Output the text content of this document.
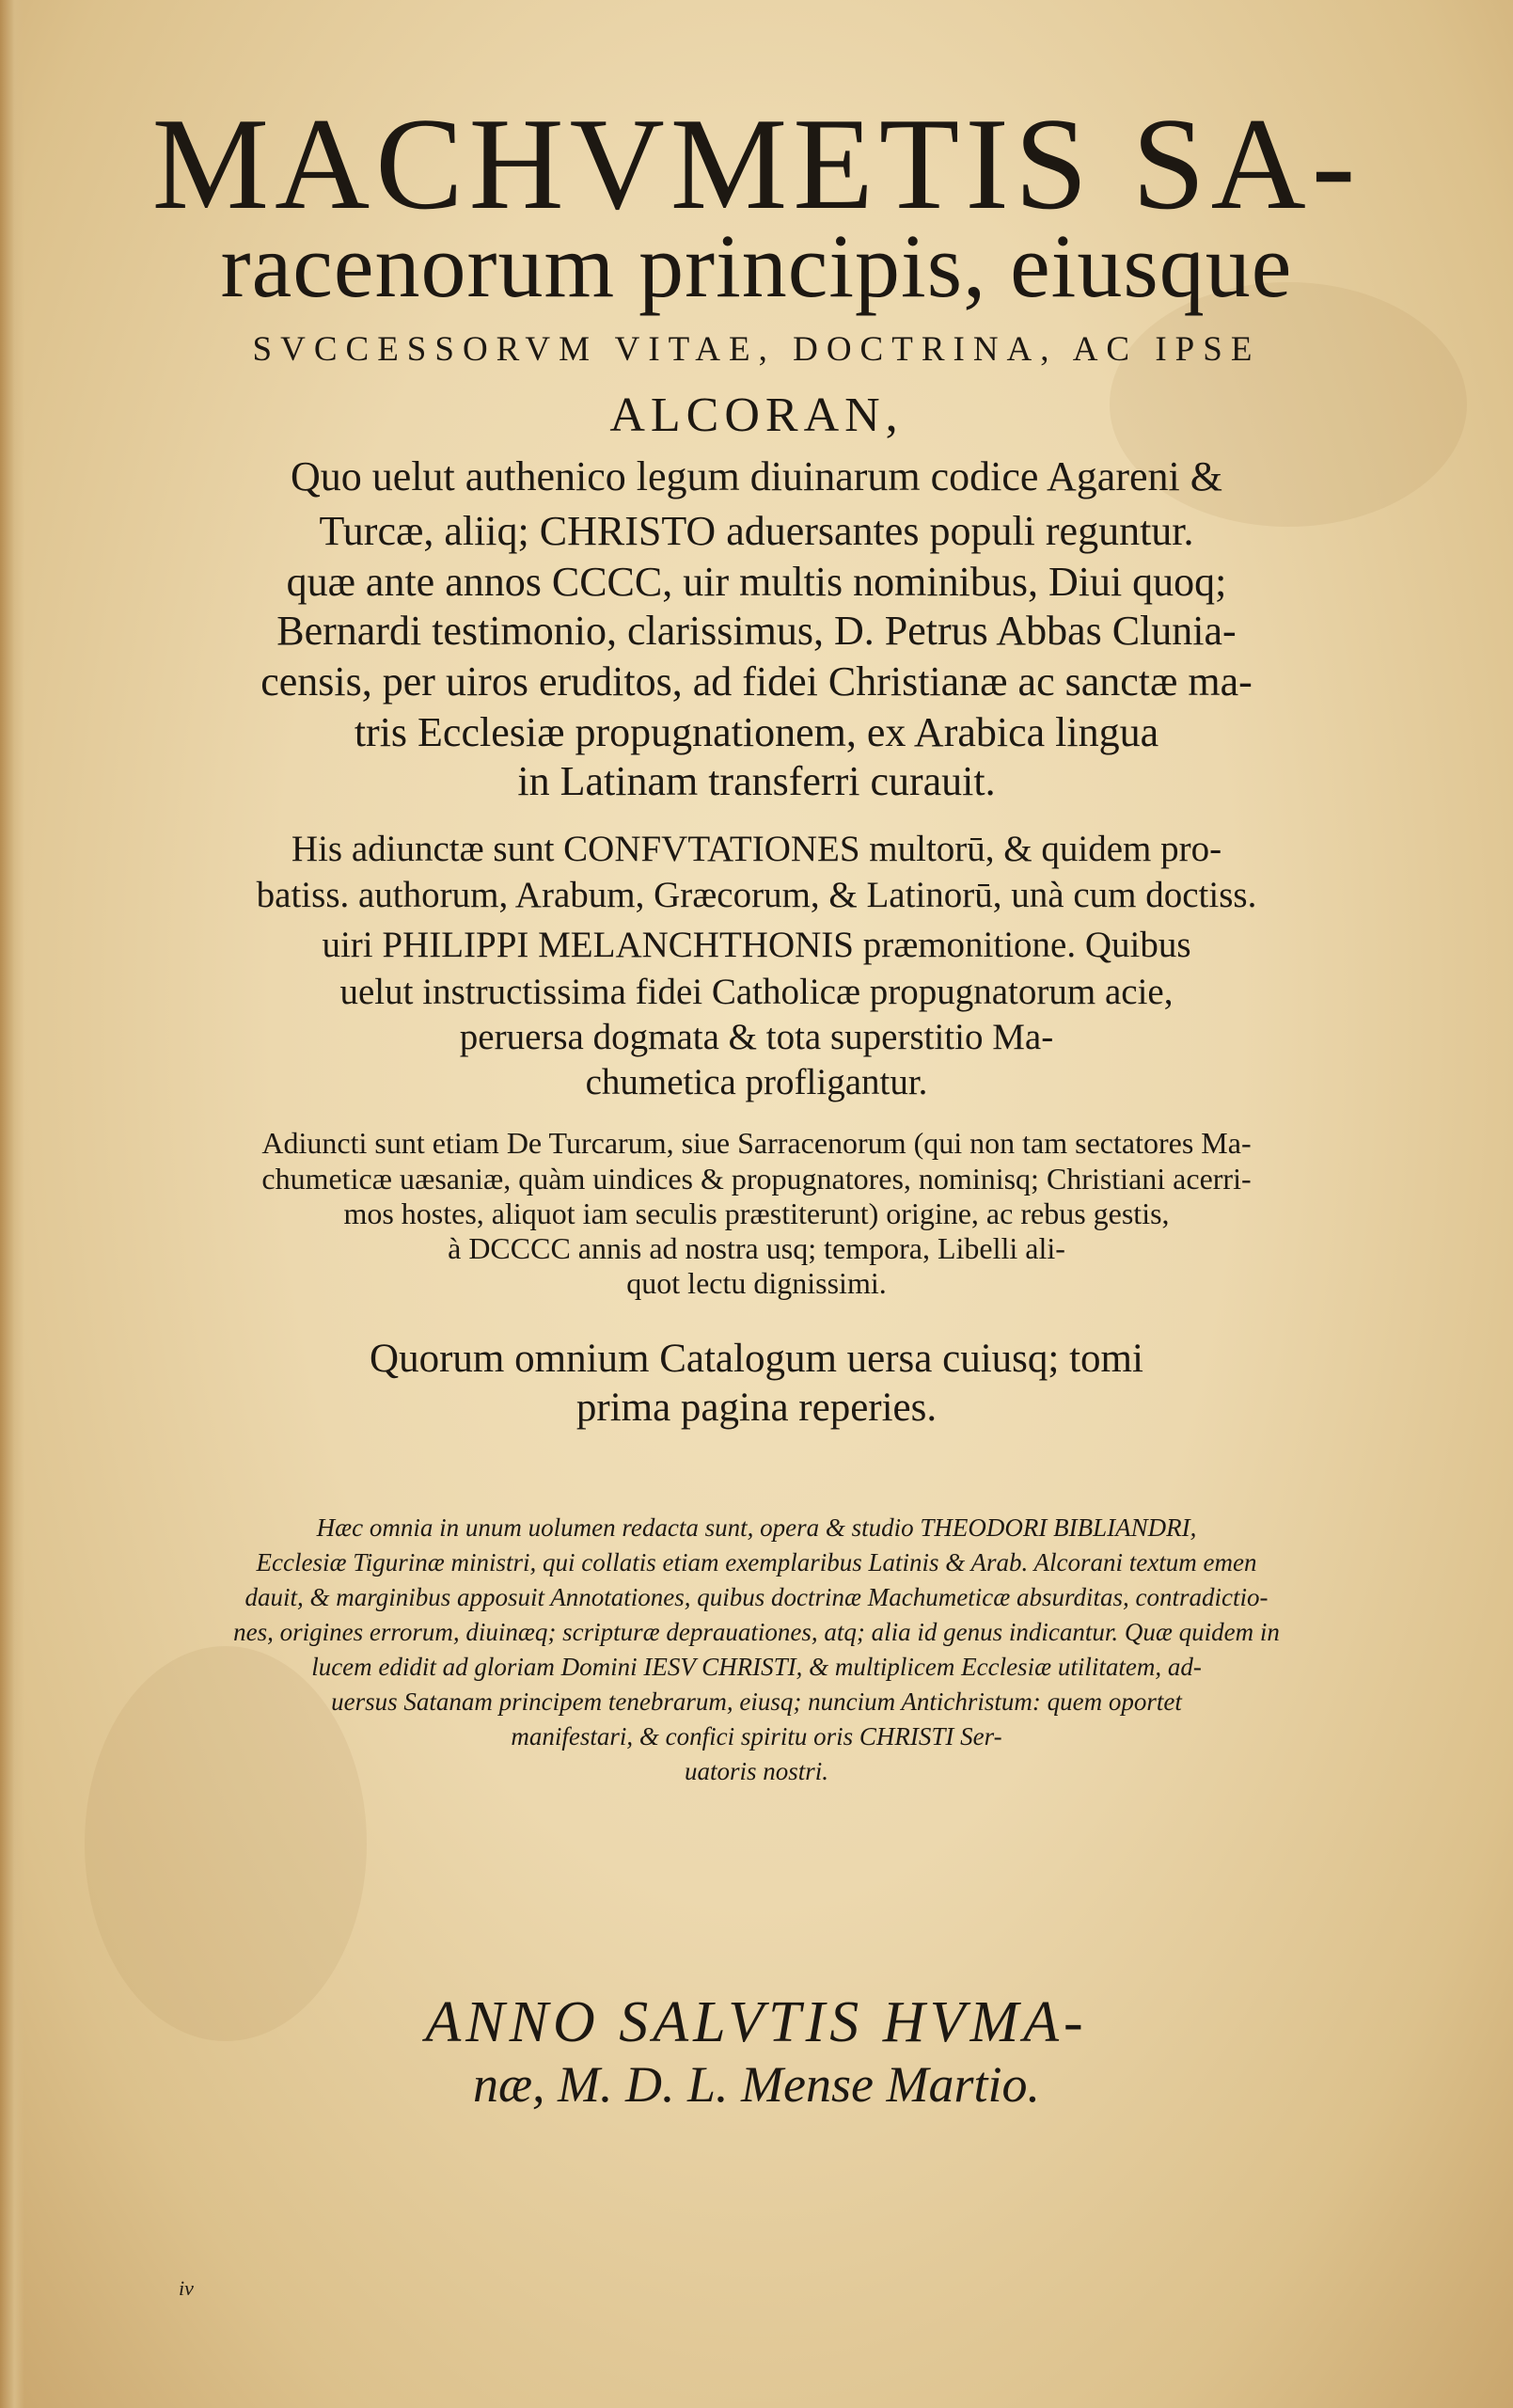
MACHVMETIS SA-
racenorum principis, eiusque
SVCCESSORVM VITAE, DOCTRINA, AC IPSE
ALCORAN,
Quo uelut authenico legum diuinarum codice Agareni &
Turcæ, aliiq; CHRISTO aduersantes populi reguntur.
quæ ante annos CCCC, uir multis nominibus, Diui quoq;
Bernardi testimonio, clarissimus, D. Petrus Abbas Clunia-
censis, per uiros eruditos, ad fidei Christianæ ac sanctæ ma-
tris Ecclesiæ propugnationem, ex Arabica lingua
in Latinam transferri curauit.
His adiunctæ sunt CONFVTATIONES multorū, & quidem pro-
batiss. authorum, Arabum, Græcorum, & Latinorū, unà cum doctiss.
uiri PHILIPPI MELANCHTHONIS præmonitione. Quibus
uelut instructissima fidei Catholicæ propugnatorum acie,
peruersa dogmata & tota superstitio Ma-
chumetica profligantur.
Adiuncti sunt etiam De Turcarum, siue Sarracenorum (qui non tam sectatores Ma-
chumeticæ uæsaniæ, quàm uindices & propugnatores, nominisq; Christiani acerri-
mos hostes, aliquot iam seculis præstiterunt) origine, ac rebus gestis,
à DCCCC annis ad nostra usq; tempora, Libelli ali-
quot lectu dignissimi.
Quorum omnium Catalogum uersa cuiusq; tomi
prima pagina reperies.
Hæc omnia in unum uolumen redacta sunt, opera & studio THEODORI BIBLIANDRI,
Ecclesiæ Tigurinæ ministri, qui collatis etiam exemplaribus Latinis & Arab. Alcorani textum emen
dauit, & marginibus apposuit Annotationes, quibus doctrinæ Machumeticæ absurditas, contradictio-
nes, origines errorum, diuinæq; scripturæ deprauationes, atq; alia id genus indicantur. Quæ quidem in
lucem edidit ad gloriam Domini IESV CHRISTI, & multiplicem Ecclesiæ utilitatem, ad-
uersus Satanam principem tenebrarum, eiusq; nuncium Antichristum: quem oportet
manifestari, & confici spiritu oris CHRISTI Ser-
uatoris nostri.
ANNO SALVTIS HVMA-
næ, M. D. L. Mense Martio.
iv
